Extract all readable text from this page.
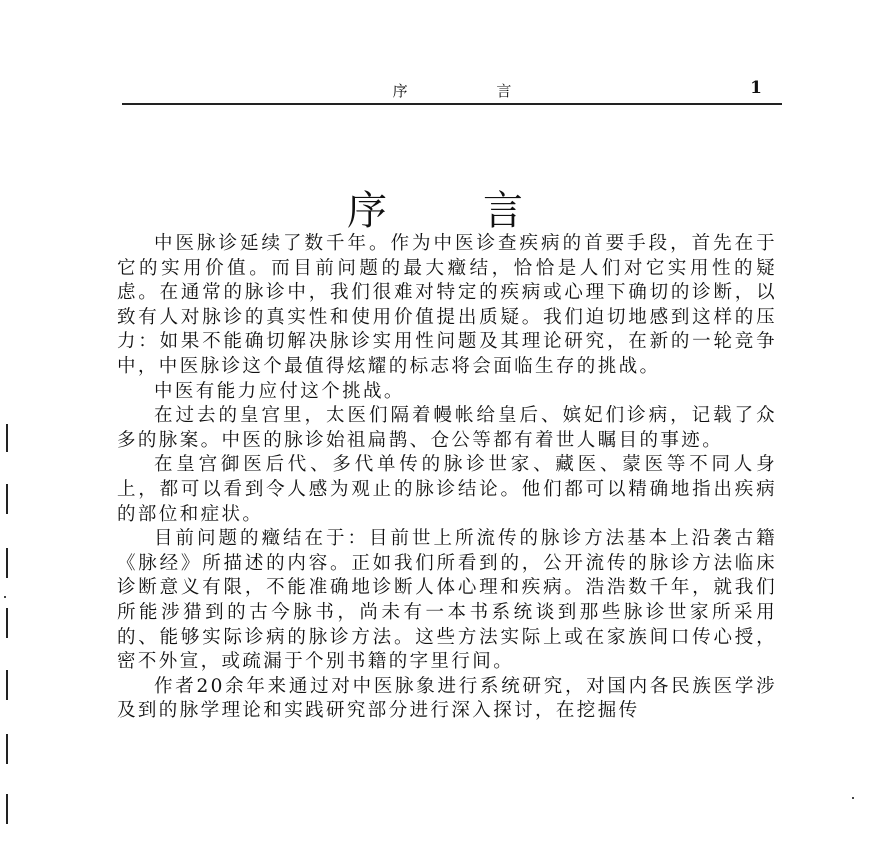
序 言	1
序言

中医脉诊延续了数千年。作为中医诊查疾病的首要手段，首先在于它的实用价值。而目前问题的最大癥结，恰恰是人们对它实用性的疑虑。在通常的脉诊中，我们很难对特定的疾病或心理下确切的诊断，以致有人对脉诊的真实性和使用价值提出质疑。我们迫切地感到这样的压力：如果不能确切解决脉诊实用性问题及其理论研究，在新的一轮竞争中，中医脉诊这个最值得炫耀的标志将会面临生存的挑战。

中医有能力应付这个挑战。

在过去的皇宫里，太医们隔着幔帐给皇后、嫔妃们诊病，记载了众多的脉案。中医的脉诊始祖扁鹊、仓公等都有着世人瞩目的事迹。

在皇宫御医后代、多代单传的脉诊世家、藏医、蒙医等不同人身上，都可以看到令人感为观止的脉诊结论。他们都可以精确地指出疾病的部位和症状。

目前问题的癥结在于：目前世上所流传的脉诊方法基本上沿袭古籍《脉经》所描述的内容。正如我们所看到的，公开流传的脉诊方法临床诊断意义有限，不能准确地诊断人体心理和疾病。浩浩数千年，就我们所能涉猎到的古今脉书，尚未有一本书系统谈到那些脉诊世家所采用的、能够实际诊病的脉诊方法。这些方法实际上或在家族间口传心授，密不外宣，或疏漏于个别书籍的字里行间。

作者20余年来通过对中医脉象进行系统研究，对国内各民族医学涉及到的脉学理论和实践研究部分进行深入探讨，在挖掘传
